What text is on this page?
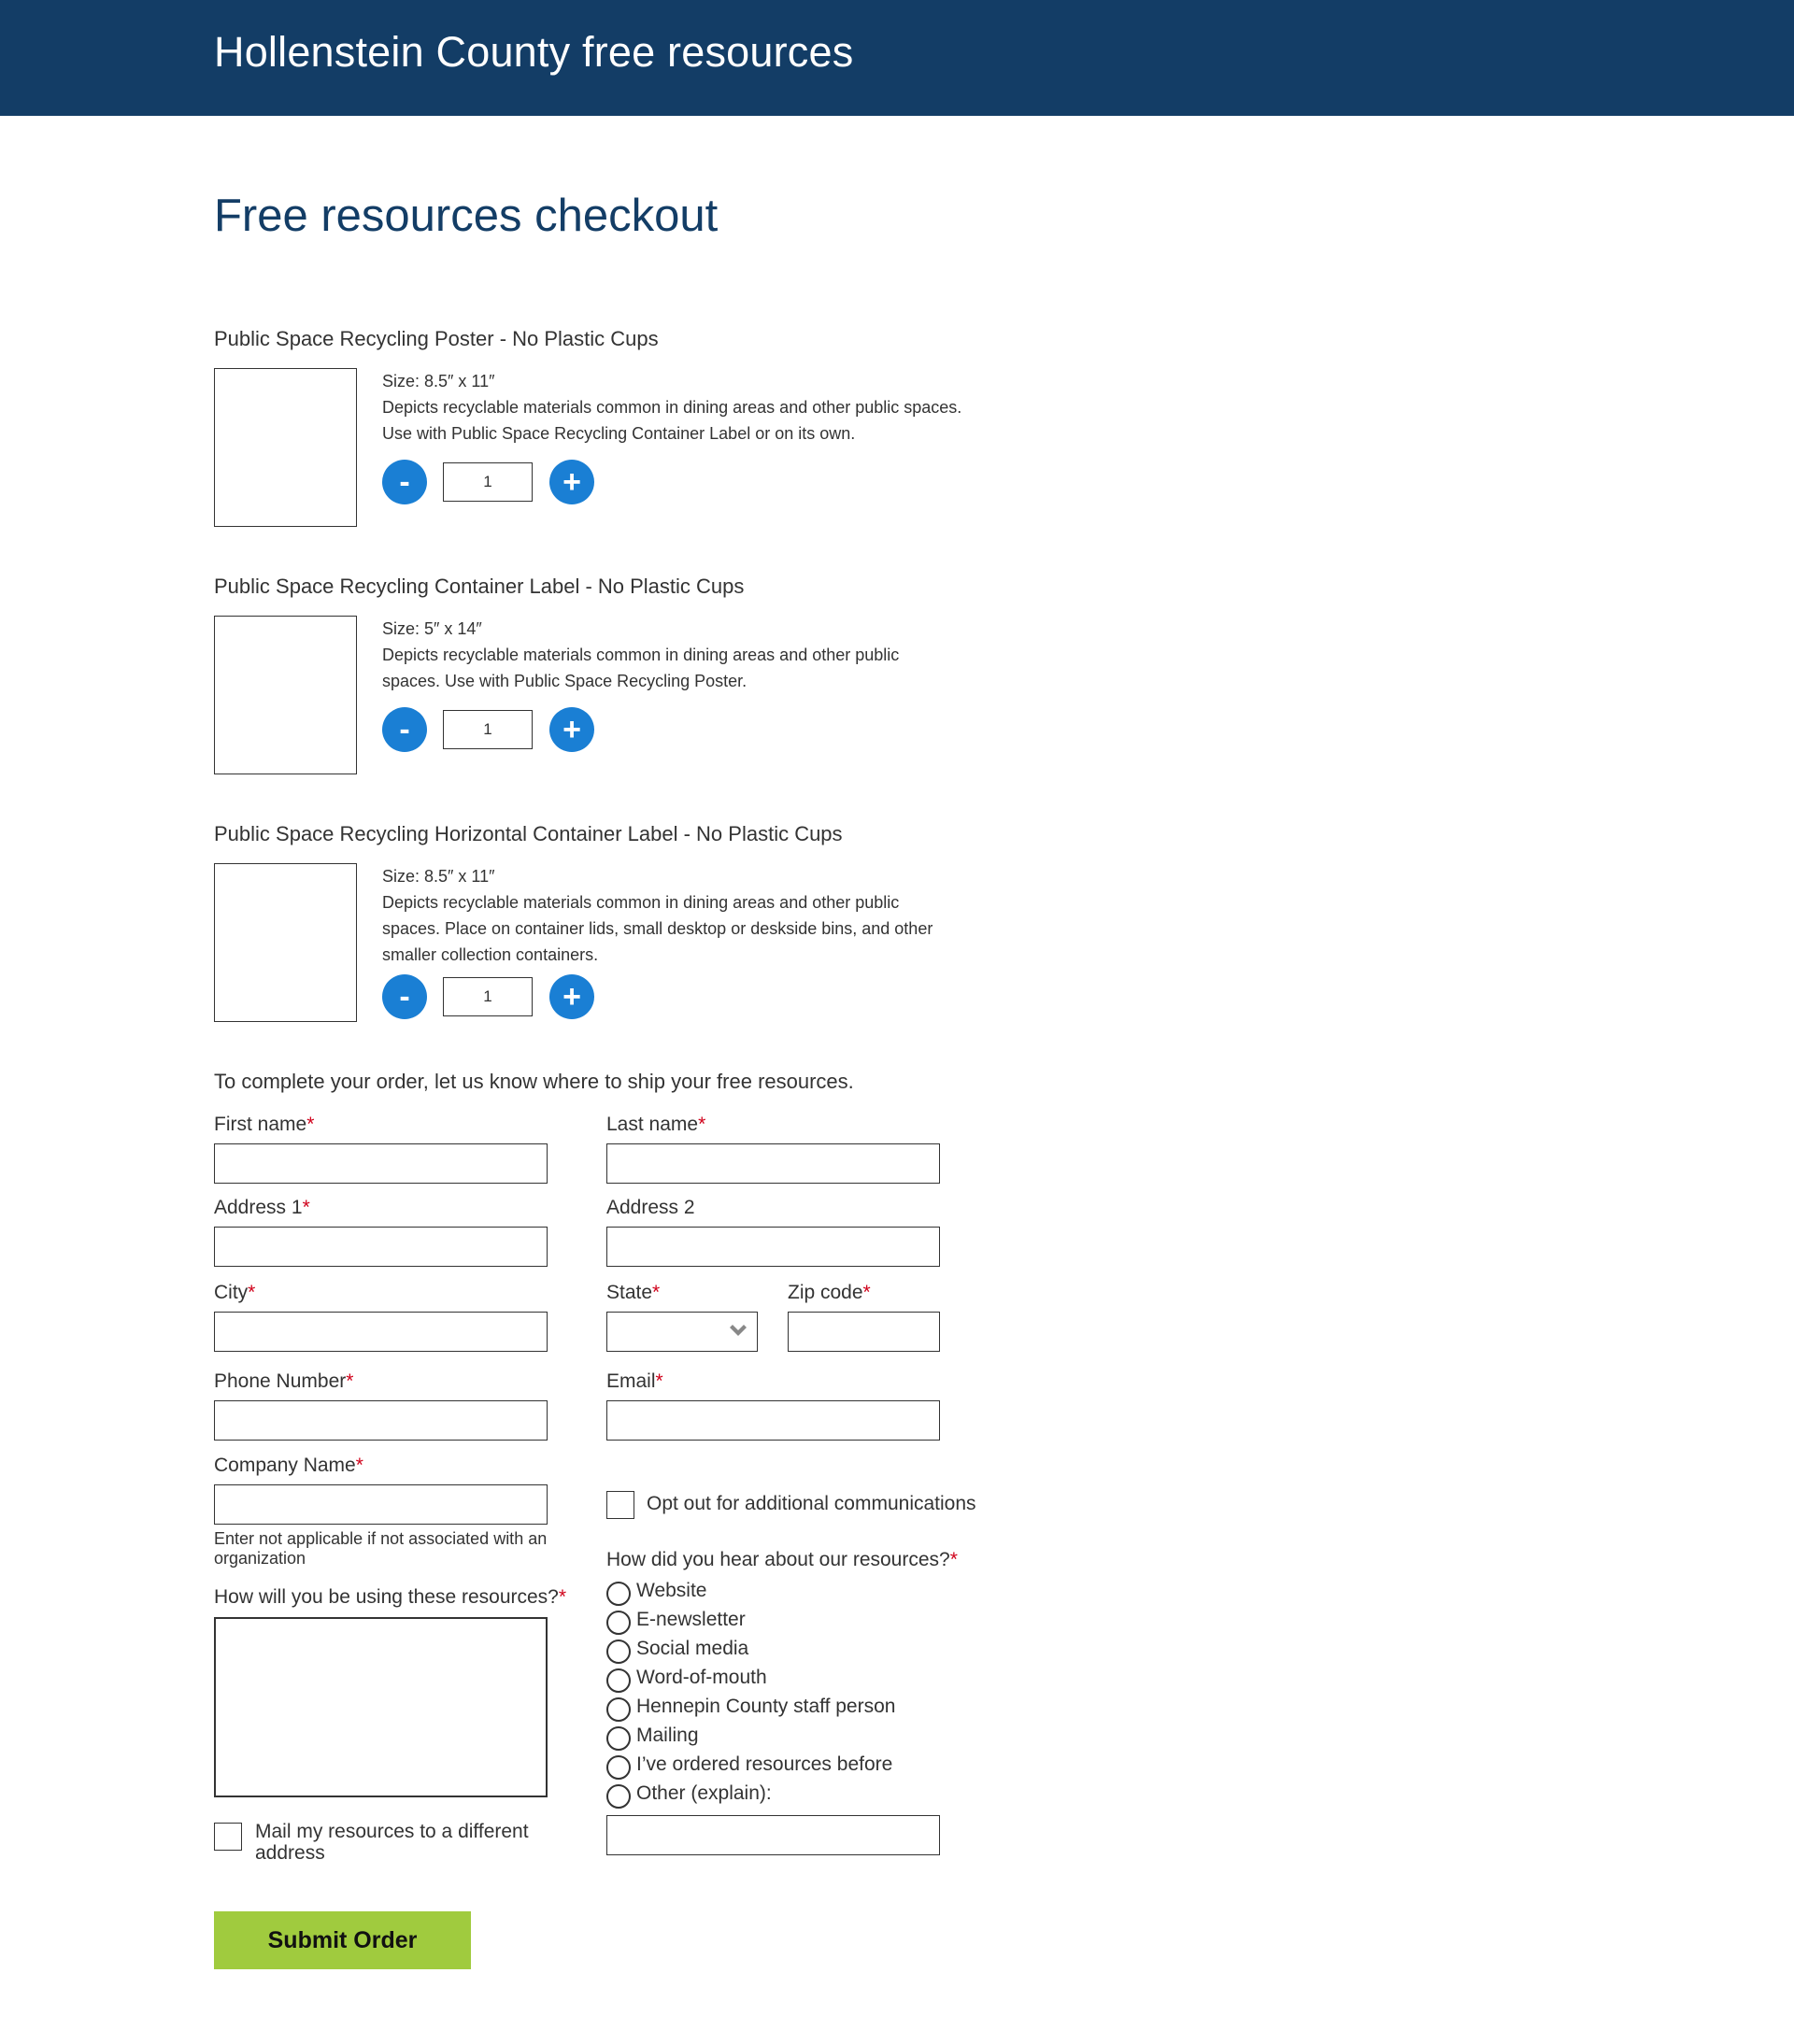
Hollenstein County free resources
Free resources checkout
Public Space Recycling Poster - No Plastic Cups
Size: 8.5″ x 11″
Depicts recyclable materials common in dining areas and other public spaces. Use with Public Space Recycling Container Label or on its own.
-	1	+
Public Space Recycling Container Label - No Plastic Cups
Size: 5″ x 14″
Depicts recyclable materials common in dining areas and other public spaces. Use with Public Space Recycling Poster.
-	1	+
Public Space Recycling Horizontal Container Label - No Plastic Cups
Size: 8.5″ x 11″
Depicts recyclable materials common in dining areas and other public spaces. Place on container lids, small desktop or deskside bins, and other smaller collection containers.
-	1	+
To complete your order, let us know where to ship your free resources.
First name*	Last name*
Address 1*	Address 2
City*	State*	Zip code*
Phone Number*	Email*
Company Name*
Enter not applicable if not associated with an organization
Opt out for additional communications
How will you be using these resources?*
Mail my resources to a different address
How did you hear about our resources?*
Website
E-newsletter
Social media
Word-of-mouth
Hennepin County staff person
Mailing
I’ve ordered resources before
Other (explain):
Submit Order
